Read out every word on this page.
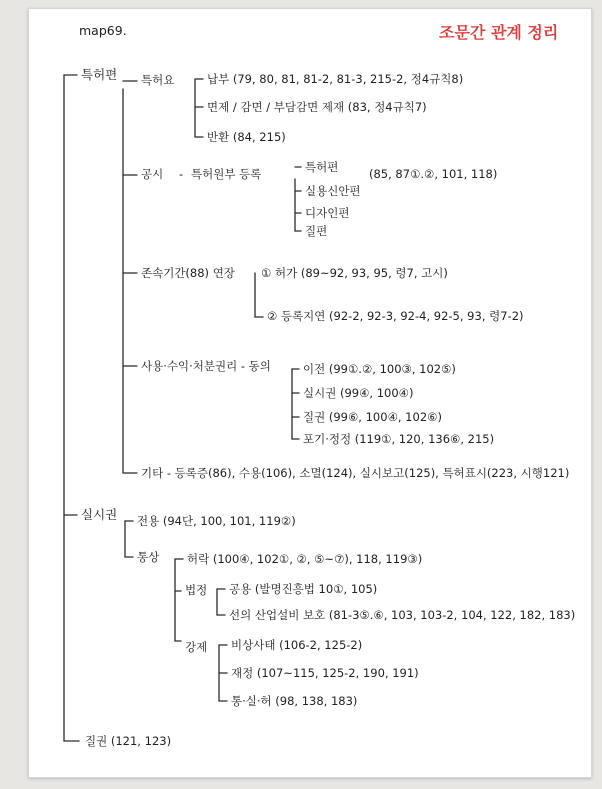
map69.	조문간 관계 정리
특허편 특허요	납부 (79, 80, 81, 81-2, 81-3, 215-2, 정4규칙8)
면제 / 감면 / 부담감면 제재 (83, 정4규칙7)
반환 (84, 215)
공시 - 특허원부 등록	특허편
실용신안편
디자인편
질편
(85, 87①.②, 101, 118)
존속기간(88) 연장 ① 허가 (89~92, 93, 95, 령7, 고시)
② 등록지연 (92-2, 92-3, 92-4, 92-5, 93, 령7-2)
사용·수익·처분권리 - 동의	이전 (99①.②, 100③, 102⑤)
실시권 (99④, 100④)
질권 (99⑥, 100④, 102⑥)
포기·정정 (119①, 120, 136⑥, 215)
기타 - 등록증(86), 수용(106), 소멸(124), 실시보고(125), 특허표시(223, 시행121)
실시권 전용 (94단, 100, 101, 119②)
통상 허락 (100④, 102①, ②, ⑤~⑦), 118, 119③)
법정 공용 (발명진흥법 10①, 105)
선의 산업설비 보호 (81-3⑤.⑥, 103, 103-2, 104, 122, 182, 183)
강제 비상사태 (106-2, 125-2)
재정 (107~115, 125-2, 190, 191)
통·실·허 (98, 138, 183)
질권 (121, 123)
